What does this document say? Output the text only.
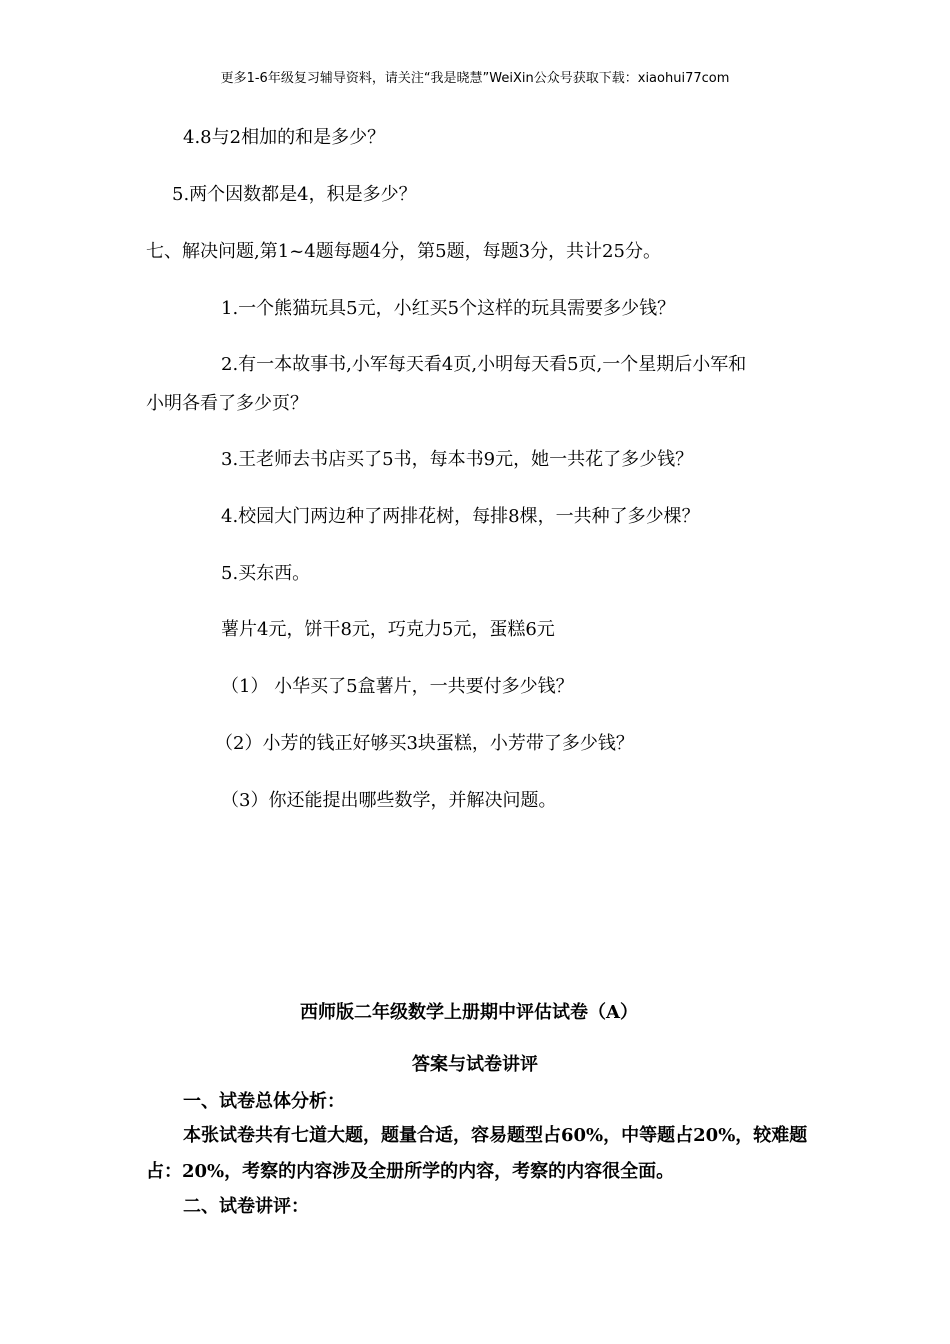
更多1-6年级复习辅导资料，请关注“我是晓慧”WeiXin公众号获取下载：xiaohui77com
4.8与2相加的和是多少？
5.两个因数都是4，积是多少？
七、解决问题,第1~4题每题4分，第5题，每题3分，共计25分。
1.一个熊猫玩具5元，小红买5个这样的玩具需要多少钱？
2.有一本故事书,小军每天看4页,小明每天看5页,一个星期后小军和
小明各看了多少页？
3.王老师去书店买了5书，每本书9元，她一共花了多少钱？
4.校园大门两边种了两排花树，每排8棵，一共种了多少棵？
5.买东西。
薯片4元，饼干8元，巧克力5元，蛋糕6元
（1） 小华买了5盒薯片，一共要付多少钱？
（2）小芳的钱正好够买3块蛋糕，小芳带了多少钱？
（3）你还能提出哪些数学，并解决问题。
西师版二年级数学上册期中评估试卷（A）
答案与试卷讲评
一、试卷总体分析：
本张试卷共有七道大题，题量合适，容易题型占60%，中等题占20%，较难题
占：20%，考察的内容涉及全册所学的内容，考察的内容很全面。
二、试卷讲评：
